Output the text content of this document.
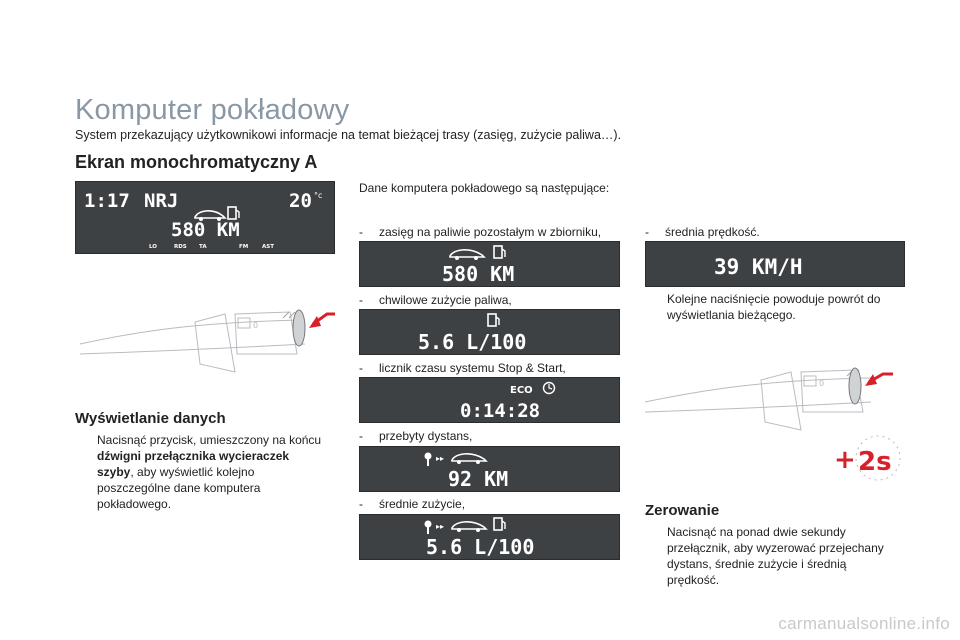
Komputer pokładowy
System przekazujący użytkownikowi informacje na temat bieżącej trasy (zasięg, zużycie paliwa…).
Ekran monochromatyczny A
Dane komputera pokładowego są następujące:
1:17 NRJ	20 °c
580 KM
LO	RDS TA	FM	AST
0
Wyświetlanie danych
Nacisnąć przycisk, umieszczony na końcu dźwigni przełącznika wycieraczek szyby, aby wyświetlić kolejno poszczególne dane komputera pokładowego.
- zasięg na paliwie pozostałym w zbiorniku,
580 KM
- chwilowe zużycie paliwa,
5.6 L/100
- licznik czasu systemu Stop & Start,
ECO
0:14:28
- przebyty dystans,
▸▸
92 KM
- średnie zużycie,
▸▸
5.6 L/100
- średnia prędkość.
39 KM/H
Kolejne naciśnięcie powoduje powrót do wyświetlania bieżącego.
0
+ 2s
Zerowanie
Nacisnąć na ponad dwie sekundy przełącznik, aby wyzerować przejechany dystans, średnie zużycie i średnią prędkość.
carmanualsonline.info
